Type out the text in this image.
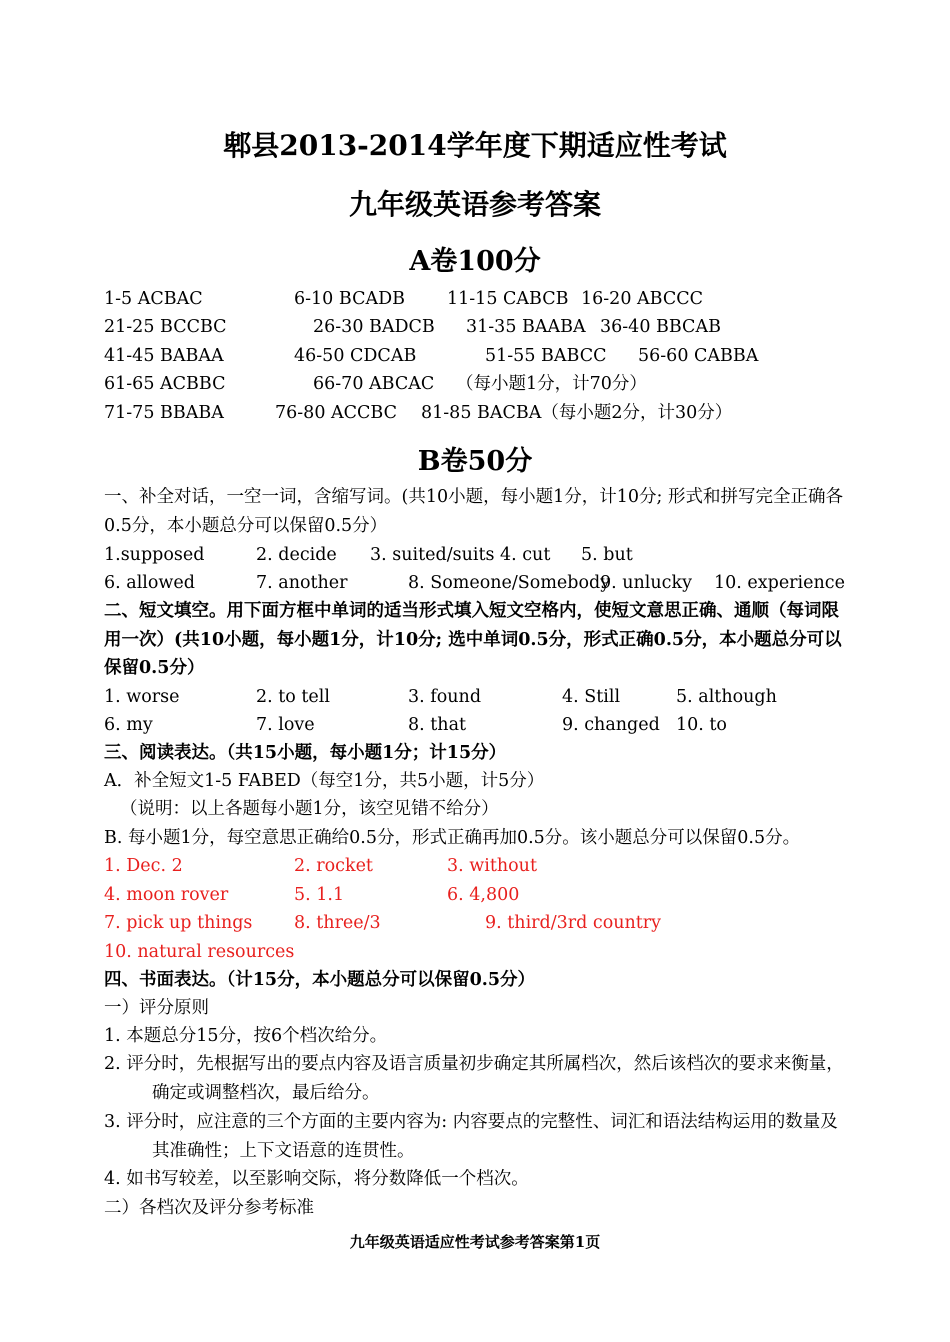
郫县2013-2014学年度下期适应性考试
九年级英语参考答案
A卷100分
1-5 ACBAC	6-10 BCADB 11-15 CABCB 16-20 ABCCC
21-25 BCCBC	26-30 BADCB 31-35 BAABA 36-40 BBCAB
41-45 BABAA	46-50 CDCAB	51-55 BABCC 56-60 CABBA
61-65 ACBBC	66-70 ABCAC （每小题1分，计70分）
71-75 BBABA	76-80 ACCBC 81-85 BACBA（每小题2分，计30分）
B卷50分
一、补全对话，一空一词，含缩写词。(共10小题，每小题1分，计10分; 形式和拼写完全正确各0.5分，本小题总分可以保留0.5分）
1.supposed	2. decide 3. suited/suits 4. cut 5. but
6. allowed	7. another	8. Someone/Somebody
9. unlucky 10. experience
二、短文填空。用下面方框中单词的适当形式填入短文空格内，使短文意思正确、通顺（每词限用一次）(共10小题，每小题1分，计10分; 选中单词0.5分，形式正确0.5分，本小题总分可以保留0.5分）
1. worse	2. to tell	3. found	4. Still	5. although
6. my	7. love	8. that	9. changed 10. to
三、阅读表达。（共15小题，每小题1分；计15分）
A．补全短文1-5 FABED（每空1分，共5小题，计5分）
（说明：以上各题每小题1分，该空见错不给分）
B. 每小题1分，每空意思正确给0.5分，形式正确再加0.5分。该小题总分可以保留0.5分。
1. Dec. 2	2. rocket	3. without
4. moon rover	5. 1.1	6. 4,800
7. pick up things 8. three/3	9. third/3rd country
10. natural resources
四、书面表达。（计15分，本小题总分可以保留0.5分）
一）评分原则
1. 本题总分15分，按6个档次给分。
2. 评分时，先根据写出的要点内容及语言质量初步确定其所属档次，然后该档次的要求来衡量，确定或调整档次，最后给分。
3. 评分时，应注意的三个方面的主要内容为: 内容要点的完整性、词汇和语法结构运用的数量及其准确性；上下文语意的连贯性。
4. 如书写较差，以至影响交际，将分数降低一个档次。
二）各档次及评分参考标准
九年级英语适应性考试参考答案第1页
